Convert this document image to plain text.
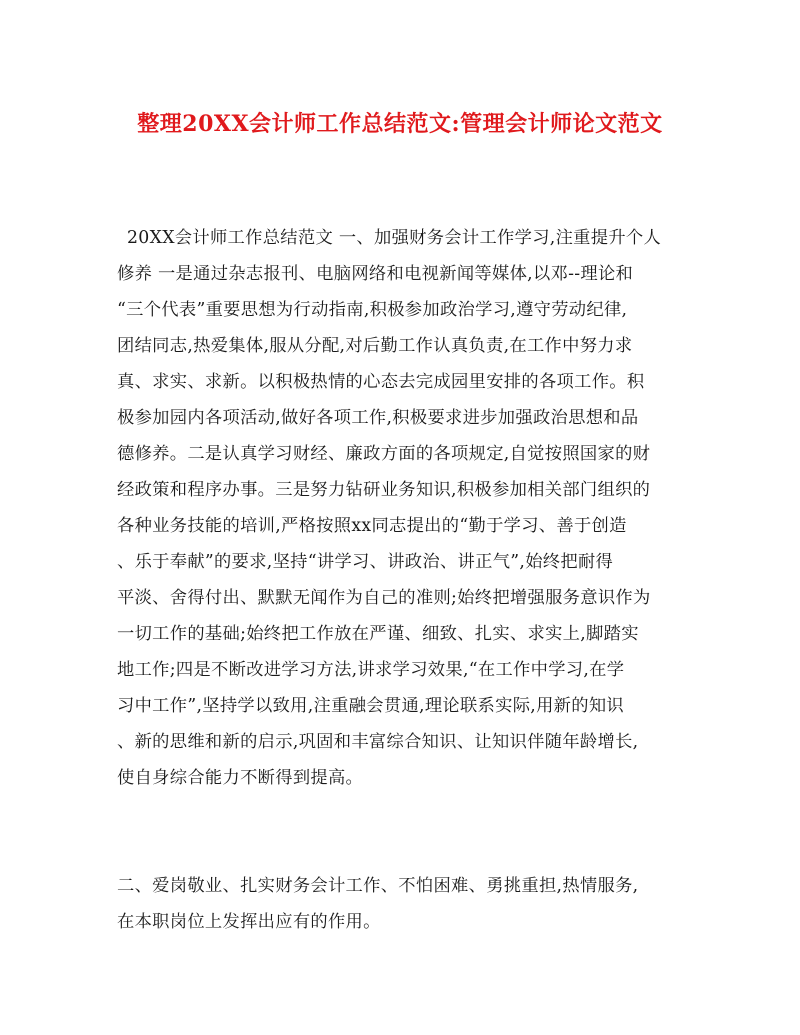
整理20XX会计师工作总结范文:管理会计师论文范文
20XX会计师工作总结范文 一、加强财务会计工作学习,注重提升个人
修养 一是通过杂志报刊、电脑网络和电视新闻等媒体,以邓--理论和
“三个代表”重要思想为行动指南,积极参加政治学习,遵守劳动纪律,
团结同志,热爱集体,服从分配,对后勤工作认真负责,在工作中努力求
真、求实、求新。以积极热情的心态去完成园里安排的各项工作。积
极参加园内各项活动,做好各项工作,积极要求进步加强政治思想和品
德修养。二是认真学习财经、廉政方面的各项规定,自觉按照国家的财
经政策和程序办事。三是努力钻研业务知识,积极参加相关部门组织的
各种业务技能的培训,严格按照xx同志提出的“勤于学习、善于创造
、乐于奉献”的要求,坚持“讲学习、讲政治、讲正气”,始终把耐得
平淡、舍得付出、默默无闻作为自己的准则;始终把增强服务意识作为
一切工作的基础;始终把工作放在严谨、细致、扎实、求实上,脚踏实
地工作;四是不断改进学习方法,讲求学习效果,“在工作中学习,在学
习中工作”,坚持学以致用,注重融会贯通,理论联系实际,用新的知识
、新的思维和新的启示,巩固和丰富综合知识、让知识伴随年龄增长,
使自身综合能力不断得到提高。
二、爱岗敬业、扎实财务会计工作、不怕困难、勇挑重担,热情服务,
在本职岗位上发挥出应有的作用。
